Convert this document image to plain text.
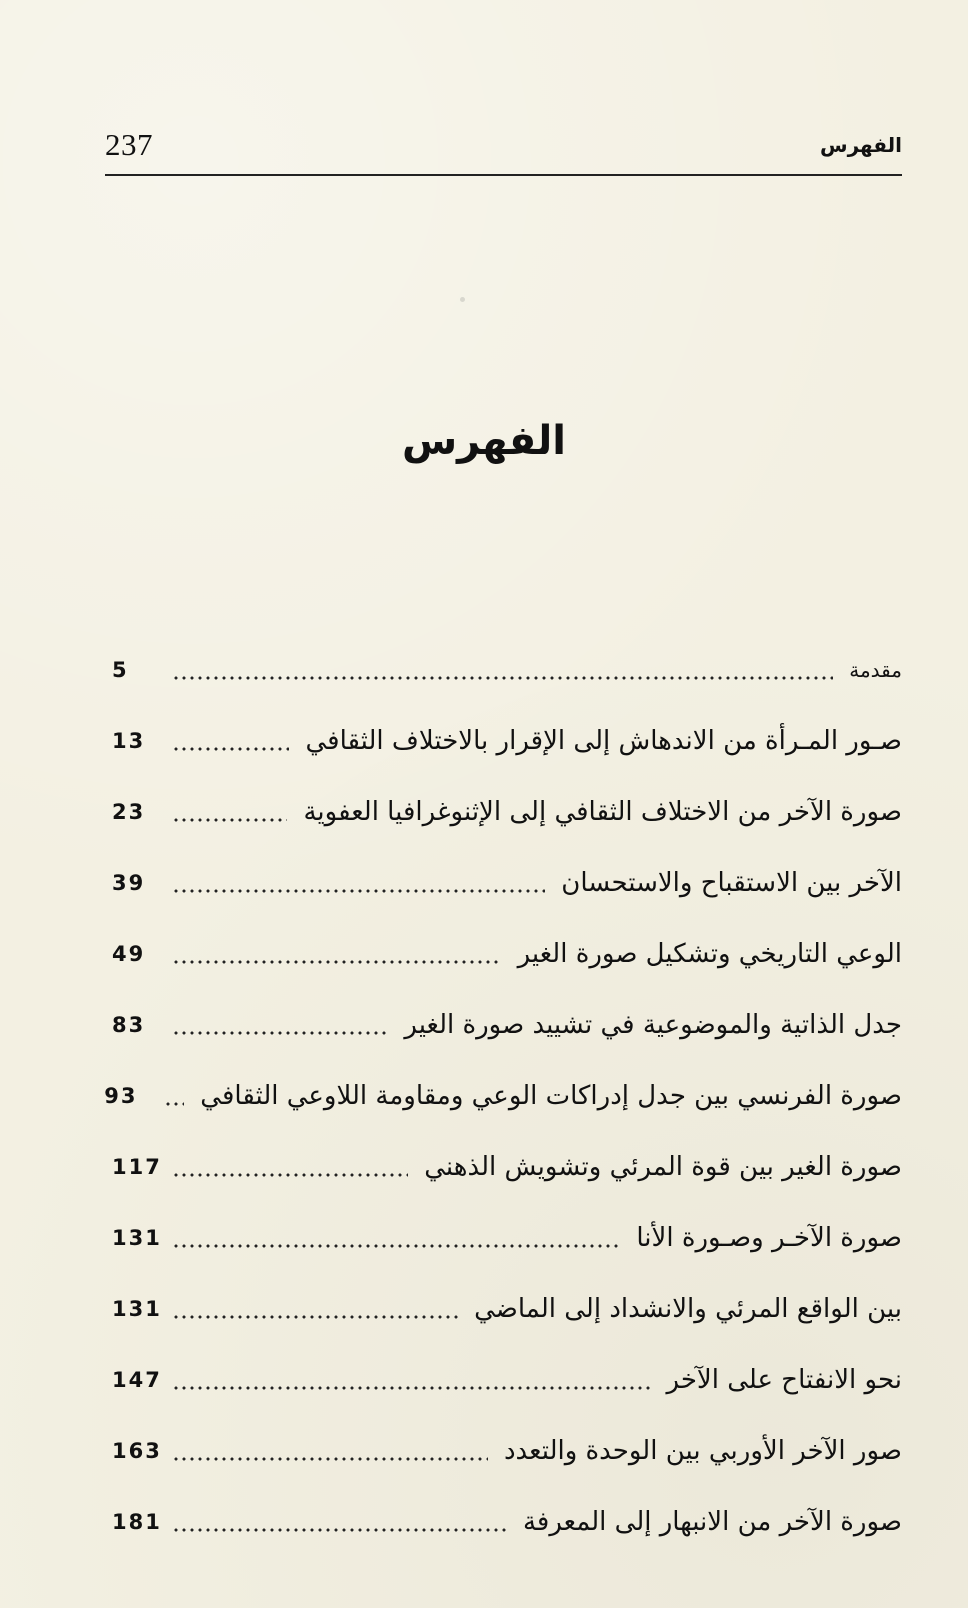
237	الفهرس
الفهرس
مقدمة
5
صـور المـرأة من الاندهاش إلى الإقرار بالاختلاف الثقافي
13
صورة الآخر من الاختلاف الثقافي إلى الإثنوغرافيا العفوية
23
الآخر بين الاستقباح والاستحسان
39
الوعي التاريخي وتشكيل صورة الغير
49
جدل الذاتية والموضوعية في تشييد صورة الغير
83
صورة الفرنسي بين جدل إدراكات الوعي ومقاومة اللاوعي الثقافي
93
صورة الغير بين قوة المرئي وتشويش الذهني
117
صورة الآخـر وصـورة الأنا
131
بين الواقع المرئي والانشداد إلى الماضي
131
نحو الانفتاح على الآخر
147
صور الآخر الأوربي بين الوحدة والتعدد
163
صورة الآخر من الانبهار إلى المعرفة
181
